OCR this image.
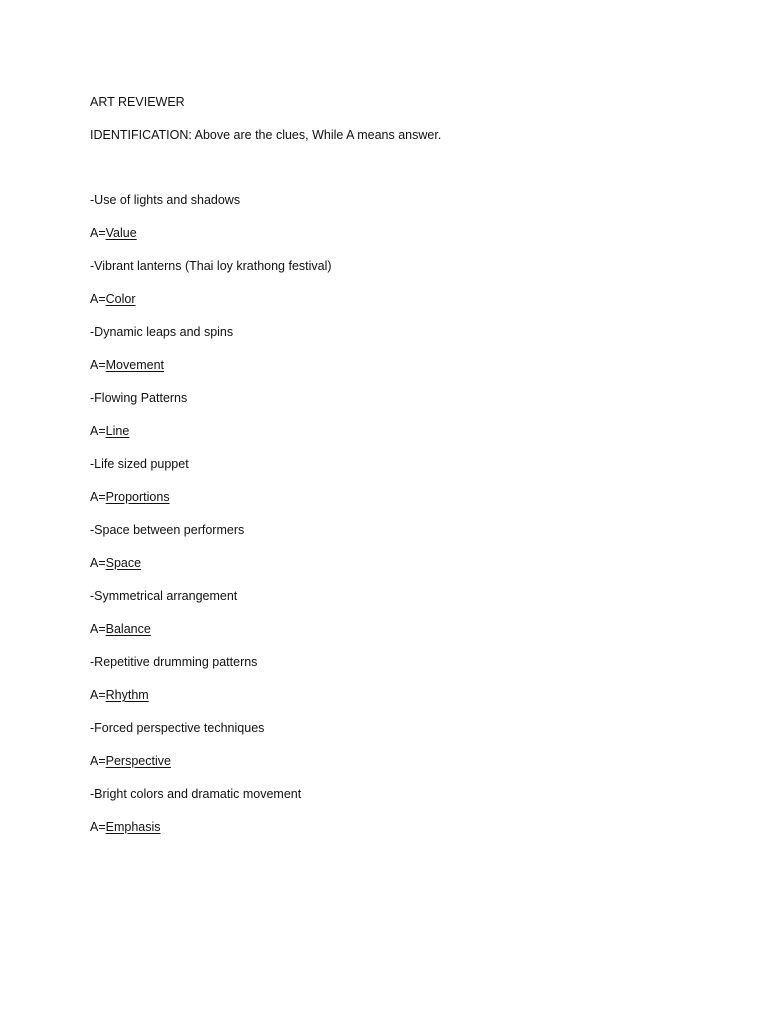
ART REVIEWER
IDENTIFICATION: Above are the clues, While A means answer.
-Use of lights and shadows
A=Value
-Vibrant lanterns (Thai loy krathong festival)
A=Color
-Dynamic leaps and spins
A=Movement
-Flowing Patterns
A=Line
-Life sized puppet
A=Proportions
-Space between performers
A=Space
-Symmetrical arrangement
A=Balance
-Repetitive drumming patterns
A=Rhythm
-Forced perspective techniques
A=Perspective
-Bright colors and dramatic movement
A=Emphasis
